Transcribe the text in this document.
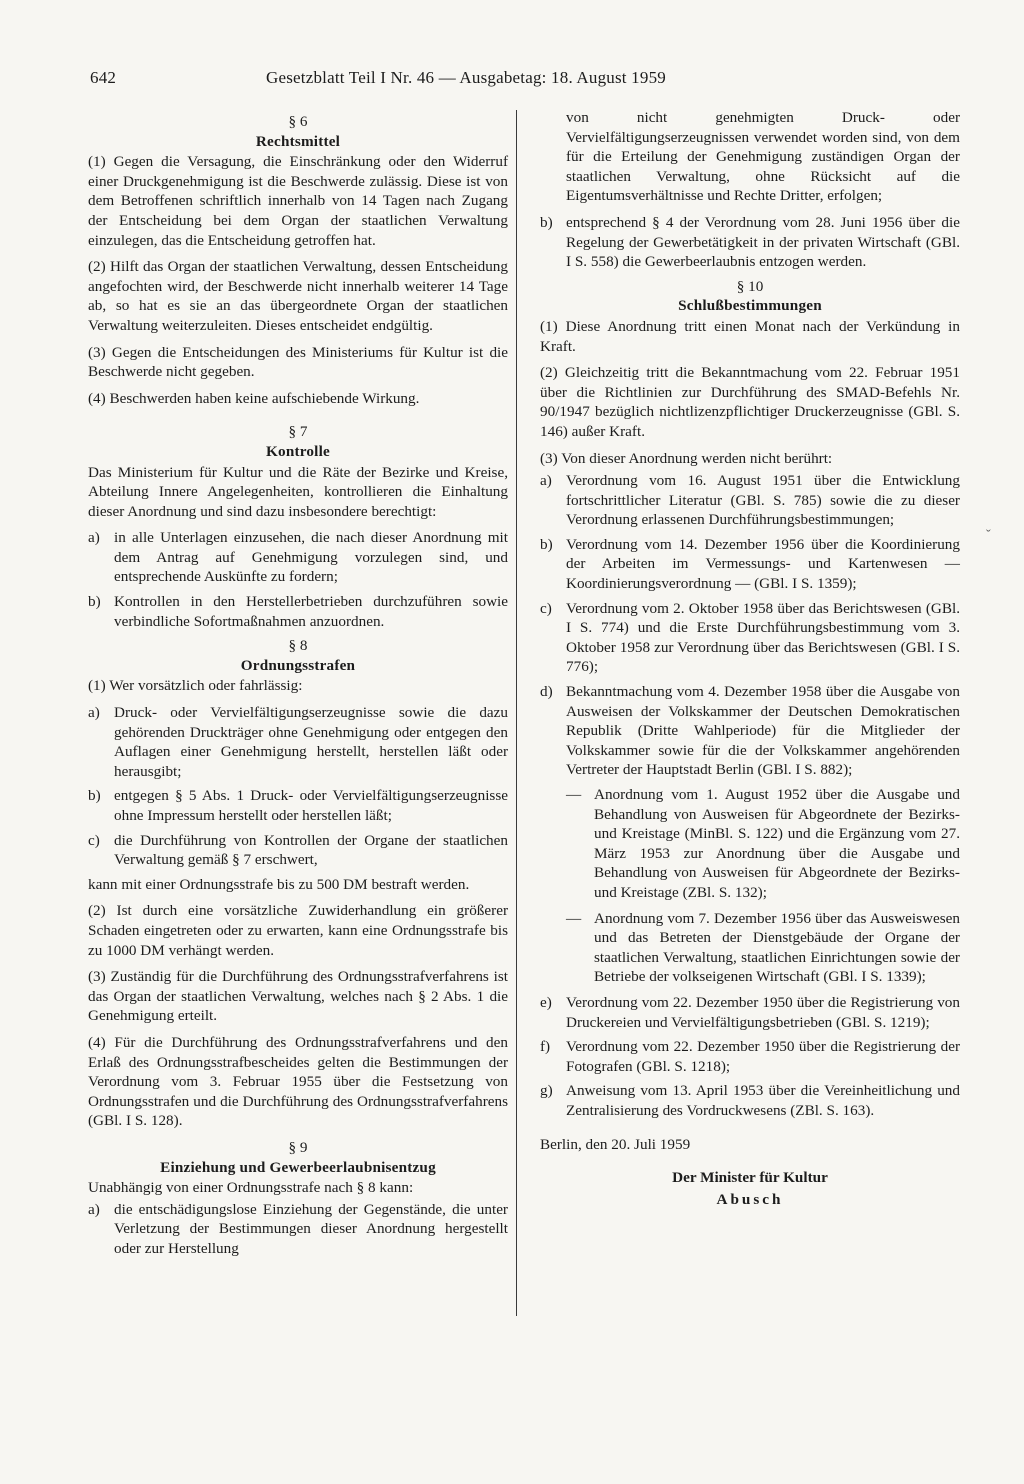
642	Gesetzblatt Teil I Nr. 46 — Ausgabetag: 18. August 1959
§ 6
Rechtsmittel

(1) Gegen die Versagung, die Einschränkung oder den Widerruf einer Druckgenehmigung ist die Beschwerde zulässig. Diese ist von dem Betroffenen schriftlich innerhalb von 14 Tagen nach Zugang der Entscheidung bei dem Organ der staatlichen Verwaltung einzulegen, das die Entscheidung getroffen hat.

(2) Hilft das Organ der staatlichen Verwaltung, dessen Entscheidung angefochten wird, der Beschwerde nicht innerhalb weiterer 14 Tage ab, so hat es sie an das übergeordnete Organ der staatlichen Verwaltung weiterzuleiten. Dieses entscheidet endgültig.

(3) Gegen die Entscheidungen des Ministeriums für Kultur ist die Beschwerde nicht gegeben.

(4) Beschwerden haben keine aufschiebende Wirkung.

§ 7
Kontrolle

Das Ministerium für Kultur und die Räte der Bezirke und Kreise, Abteilung Innere Angelegenheiten, kontrollieren die Einhaltung dieser Anordnung und sind dazu insbesondere berechtigt:

a) in alle Unterlagen einzusehen, die nach dieser Anordnung mit dem Antrag auf Genehmigung vorzulegen sind, und entsprechende Auskünfte zu fordern;
b) Kontrollen in den Herstellerbetrieben durchzuführen sowie verbindliche Sofortmaßnahmen anzuordnen.
§ 8
Ordnungsstrafen

(1) Wer vorsätzlich oder fahrlässig:

a) Druck- oder Vervielfältigungserzeugnisse sowie die dazu gehörenden Druckträger ohne Genehmigung oder entgegen den Auflagen einer Genehmigung herstellt, herstellen läßt oder herausgibt;
b) entgegen § 5 Abs. 1 Druck- oder Vervielfältigungserzeugnisse ohne Impressum herstellt oder herstellen läßt;
c) die Durchführung von Kontrollen der Organe der staatlichen Verwaltung gemäß § 7 erschwert,

kann mit einer Ordnungsstrafe bis zu 500 DM bestraft werden.

(2) Ist durch eine vorsätzliche Zuwiderhandlung ein größerer Schaden eingetreten oder zu erwarten, kann eine Ordnungsstrafe bis zu 1000 DM verhängt werden.

(3) Zuständig für die Durchführung des Ordnungsstrafverfahrens ist das Organ der staatlichen Verwaltung, welches nach § 2 Abs. 1 die Genehmigung erteilt.

(4) Für die Durchführung des Ordnungsstrafverfahrens und den Erlaß des Ordnungsstrafbescheides gelten die Bestimmungen der Verordnung vom 3. Februar 1955 über die Festsetzung von Ordnungsstrafen und die Durchführung des Ordnungsstrafverfahrens (GBl. I S. 128).

§ 9
Einziehung und Gewerbeerlaubnisentzug

Unabhängig von einer Ordnungsstrafe nach § 8 kann:

a) die entschädigungslose Einziehung der Gegenstände, die unter Verletzung der Bestimmungen dieser Anordnung hergestellt oder zur Herstellung

von nicht genehmigten Druck- oder Vervielfältigungserzeugnissen verwendet worden sind, von dem für die Erteilung der Genehmigung zuständigen Organ der staatlichen Verwaltung, ohne Rücksicht auf die Eigentumsverhältnisse und Rechte Dritter, erfolgen;

b) entsprechend § 4 der Verordnung vom 28. Juni 1956 über die Regelung der Gewerbetätigkeit in der privaten Wirtschaft (GBl. I S. 558) die Gewerbeerlaubnis entzogen werden.
§ 10
Schlußbestimmungen

(1) Diese Anordnung tritt einen Monat nach der Verkündung in Kraft.

(2) Gleichzeitig tritt die Bekanntmachung vom 22. Februar 1951 über die Richtlinien zur Durchführung des SMAD-Befehls Nr. 90/1947 bezüglich nichtlizenzpflichtiger Druckerzeugnisse (GBl. S. 146) außer Kraft.

(3) Von dieser Anordnung werden nicht berührt:

a) Verordnung vom 16. August 1951 über die Entwicklung fortschrittlicher Literatur (GBl. S. 785) sowie die zu dieser Verordnung erlassenen Durchführungsbestimmungen;
b) Verordnung vom 14. Dezember 1956 über die Koordinierung der Arbeiten im Vermessungs- und Kartenwesen — Koordinierungsverordnung — (GBl. I S. 1359);
c) Verordnung vom 2. Oktober 1958 über das Berichtswesen (GBl. I S. 774) und die Erste Durchführungsbestimmung vom 3. Oktober 1958 zur Verordnung über das Berichtswesen (GBl. I S. 776);
d) Bekanntmachung vom 4. Dezember 1958 über die Ausgabe von Ausweisen der Volkskammer der Deutschen Demokratischen Republik (Dritte Wahlperiode) für die Mitglieder der Volkskammer sowie für die der Volkskammer angehörenden Vertreter der Hauptstadt Berlin (GBl. I S. 882);
— Anordnung vom 1. August 1952 über die Ausgabe und Behandlung von Ausweisen für Abgeordnete der Bezirks- und Kreistage (MinBl. S. 122) und die Ergänzung vom 27. März 1953 zur Anordnung über die Ausgabe und Behandlung von Ausweisen für Abgeordnete der Bezirks- und Kreistage (ZBl. S. 132);
— Anordnung vom 7. Dezember 1956 über das Ausweiswesen und das Betreten der Dienstgebäude der Organe der staatlichen Verwaltung, staatlichen Einrichtungen sowie der Betriebe der volkseigenen Wirtschaft (GBl. I S. 1339);
e) Verordnung vom 22. Dezember 1950 über die Registrierung von Druckereien und Vervielfältigungsbetrieben (GBl. S. 1219);
f)	Verordnung vom 22. Dezember 1950 über die Registrierung der Fotografen (GBl. S. 1218);
g) Anweisung vom 13. April 1953 über die Vereinheitlichung und Zentralisierung des Vordruckwesens (ZBl. S. 163).
Berlin, den 20. Juli 1959
Der Minister für Kultur
Abusch
ˇ
